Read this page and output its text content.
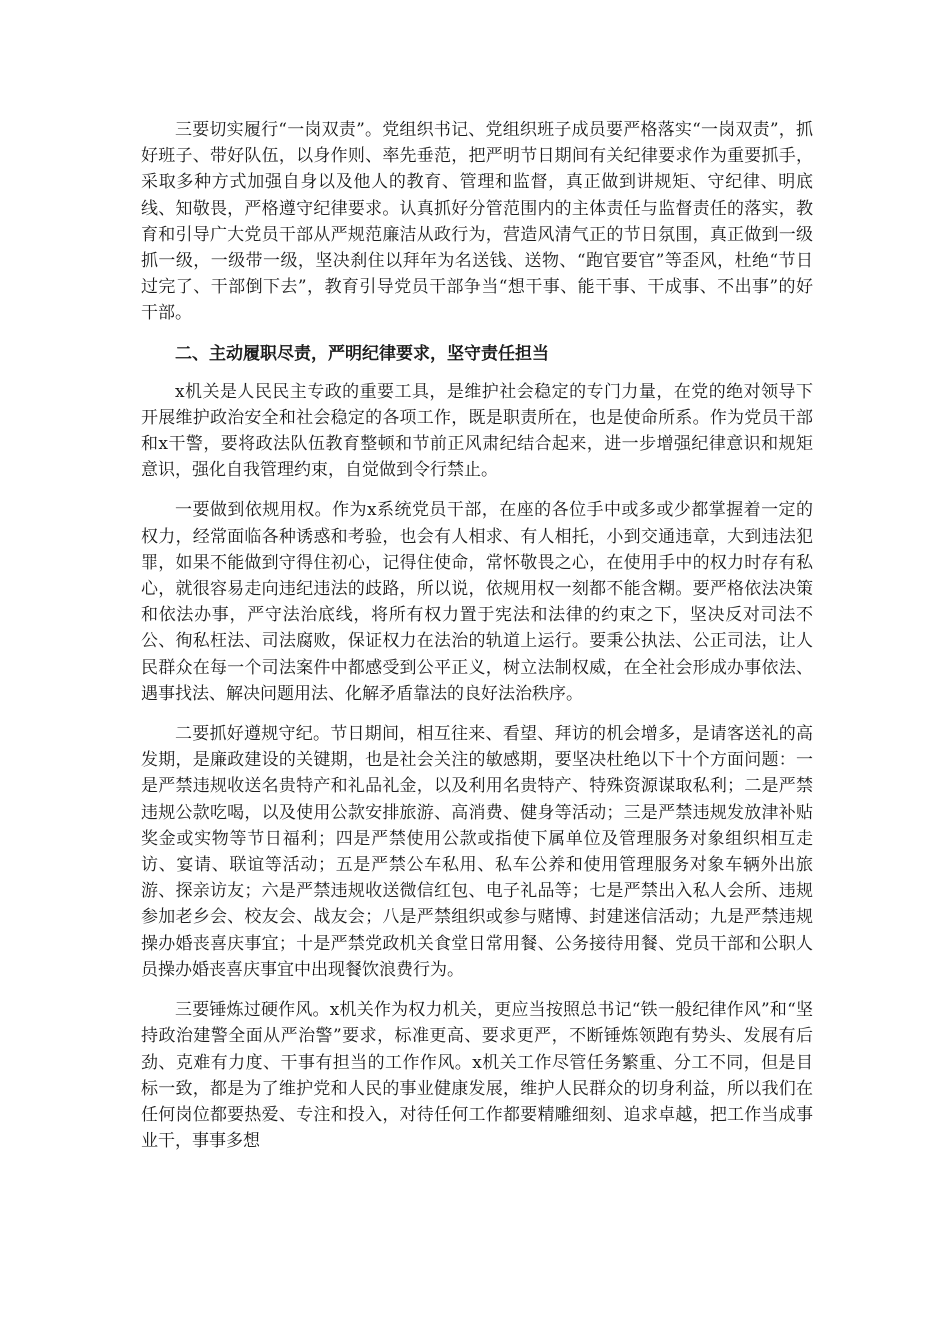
三要切实履行“一岗双责”。党组织书记、党组织班子成员要严格落实“一岗双责”，抓好班子、带好队伍，以身作则、率先垂范，把严明节日期间有关纪律要求作为重要抓手，采取多种方式加强自身以及他人的教育、管理和监督，真正做到讲规矩、守纪律、明底线、知敬畏，严格遵守纪律要求。认真抓好分管范围内的主体责任与监督责任的落实，教育和引导广大党员干部从严规范廉洁从政行为，营造风清气正的节日氛围，真正做到一级抓一级，一级带一级，坚决刹住以拜年为名送钱、送物、“跑官要官”等歪风，杜绝“节日过完了、干部倒下去”，教育引导党员干部争当“想干事、能干事、干成事、不出事”的好干部。

二、主动履职尽责，严明纪律要求，坚守责任担当

x机关是人民民主专政的重要工具，是维护社会稳定的专门力量，在党的绝对领导下开展维护政治安全和社会稳定的各项工作，既是职责所在，也是使命所系。作为党员干部和x干警，要将政法队伍教育整顿和节前正风肃纪结合起来，进一步增强纪律意识和规矩意识，强化自我管理约束，自觉做到令行禁止。

一要做到依规用权。作为x系统党员干部，在座的各位手中或多或少都掌握着一定的权力，经常面临各种诱惑和考验，也会有人相求、有人相托，小到交通违章，大到违法犯罪，如果不能做到守得住初心，记得住使命，常怀敬畏之心，在使用手中的权力时存有私心，就很容易走向违纪违法的歧路，所以说，依规用权一刻都不能含糊。要严格依法决策和依法办事，严守法治底线，将所有权力置于宪法和法律的约束之下，坚决反对司法不公、徇私枉法、司法腐败，保证权力在法治的轨道上运行。要秉公执法、公正司法，让人民群众在每一个司法案件中都感受到公平正义，树立法制权威，在全社会形成办事依法、遇事找法、解决问题用法、化解矛盾靠法的良好法治秩序。

二要抓好遵规守纪。节日期间，相互往来、看望、拜访的机会增多，是请客送礼的高发期，是廉政建设的关键期，也是社会关注的敏感期，要坚决杜绝以下十个方面问题：一是严禁违规收送名贵特产和礼品礼金，以及利用名贵特产、特殊资源谋取私利；二是严禁违规公款吃喝，以及使用公款安排旅游、高消费、健身等活动；三是严禁违规发放津补贴奖金或实物等节日福利；四是严禁使用公款或指使下属单位及管理服务对象组织相互走访、宴请、联谊等活动；五是严禁公车私用、私车公养和使用管理服务对象车辆外出旅游、探亲访友；六是严禁违规收送微信红包、电子礼品等；七是严禁出入私人会所、违规参加老乡会、校友会、战友会；八是严禁组织或参与赌博、封建迷信活动；九是严禁违规操办婚丧喜庆事宜；十是严禁党政机关食堂日常用餐、公务接待用餐、党员干部和公职人员操办婚丧喜庆事宜中出现餐饮浪费行为。

三要锤炼过硬作风。x机关作为权力机关，更应当按照总书记“铁一般纪律作风”和“坚持政治建警全面从严治警”要求，标准更高、要求更严，不断锤炼领跑有势头、发展有后劲、克难有力度、干事有担当的工作作风。x机关工作尽管任务繁重、分工不同，但是目标一致，都是为了维护党和人民的事业健康发展，维护人民群众的切身利益，所以我们在任何岗位都要热爱、专注和投入，对待任何工作都要精雕细刻、追求卓越，把工作当成事业干，事事多想
